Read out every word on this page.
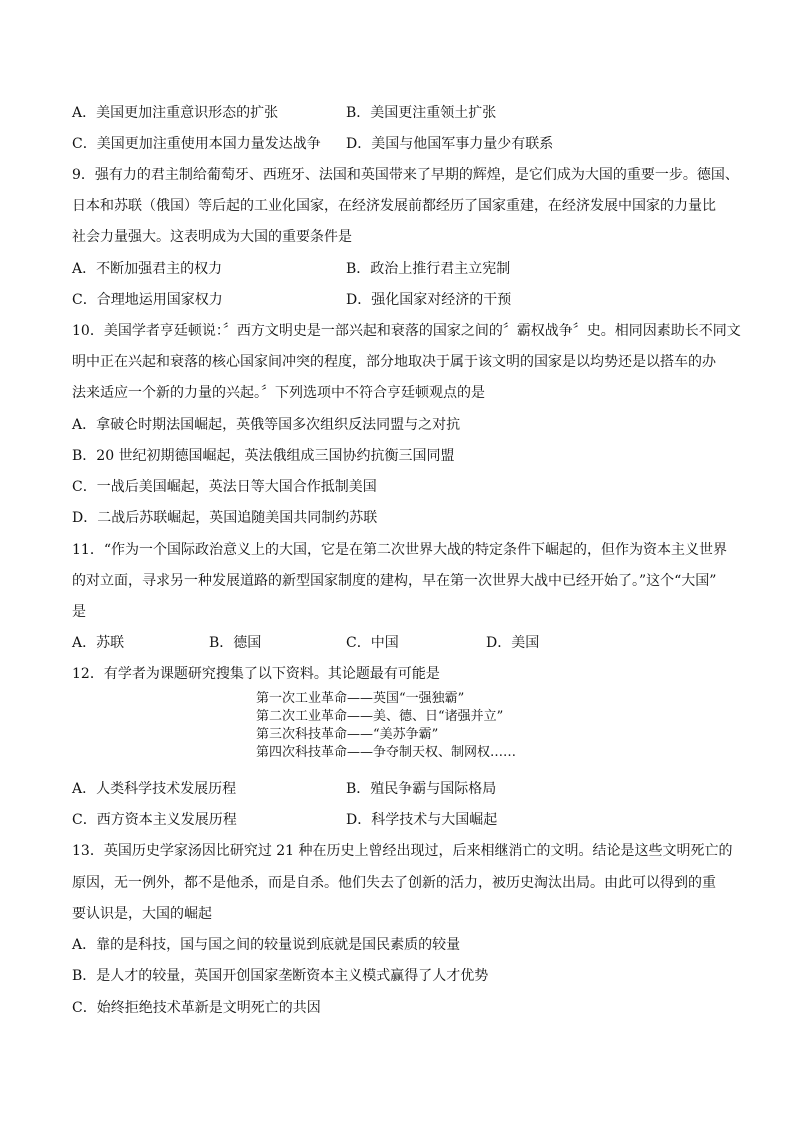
A．美国更加注重意识形态的扩张	B．美国更注重领土扩张
C．美国更加注重使用本国力量发达战争 D．美国与他国军事力量少有联系
9．强有力的君主制给葡萄牙、西班牙、法国和英国带来了早期的辉煌，是它们成为大国的重要一步。德国、
日本和苏联（俄国）等后起的工业化国家，在经济发展前都经历了国家重建，在经济发展中国家的力量比
社会力量强大。这表明成为大国的重要条件是
A．不断加强君主的权力	B．政治上推行君主立宪制
C．合理地运用国家权力	D．强化国家对经济的干预
10．美国学者亨廷顿说：〞西方文明史是一部兴起和衰落的国家之间的〞霸权战争〞史。相同因素助长不同文
明中正在兴起和衰落的核心国家间冲突的程度，部分地取决于属于该文明的国家是以均势还是以搭车的办
法来适应一个新的力量的兴起。〞下列选项中不符合亨廷顿观点的是
A．拿破仑时期法国崛起，英俄等国多次组织反法同盟与之对抗
B．20 世纪初期德国崛起，英法俄组成三国协约抗衡三国同盟
C．一战后美国崛起，英法日等大国合作抵制美国
D．二战后苏联崛起，英国追随美国共同制约苏联
11．“作为一个国际政治意义上的大国，它是在第二次世界大战的特定条件下崛起的，但作为资本主义世界
的对立面，寻求另一种发展道路的新型国家制度的建构，早在第一次世界大战中已经开始了。”这个“大国”
是
A．苏联	B．德国	C．中国	D．美国
12．有学者为课题研究搜集了以下资料。其论题最有可能是
第一次工业革命——英国“一强独霸”
第二次工业革命——美、德、日“诸强并立”
第三次科技革命——“美苏争霸”
第四次科技革命——争夺制天权、制网权……
A．人类科学技术发展历程	B．殖民争霸与国际格局
C．西方资本主义发展历程	D．科学技术与大国崛起
13．英国历史学家汤因比研究过 21 种在历史上曾经出现过，后来相继消亡的文明。结论是这些文明死亡的
原因，无一例外，都不是他杀，而是自杀。他们失去了创新的活力，被历史淘汰出局。由此可以得到的重
要认识是，大国的崛起
A．靠的是科技，国与国之间的较量说到底就是国民素质的较量
B．是人才的较量，英国开创国家垄断资本主义模式赢得了人才优势
C．始终拒绝技术革新是文明死亡的共因
